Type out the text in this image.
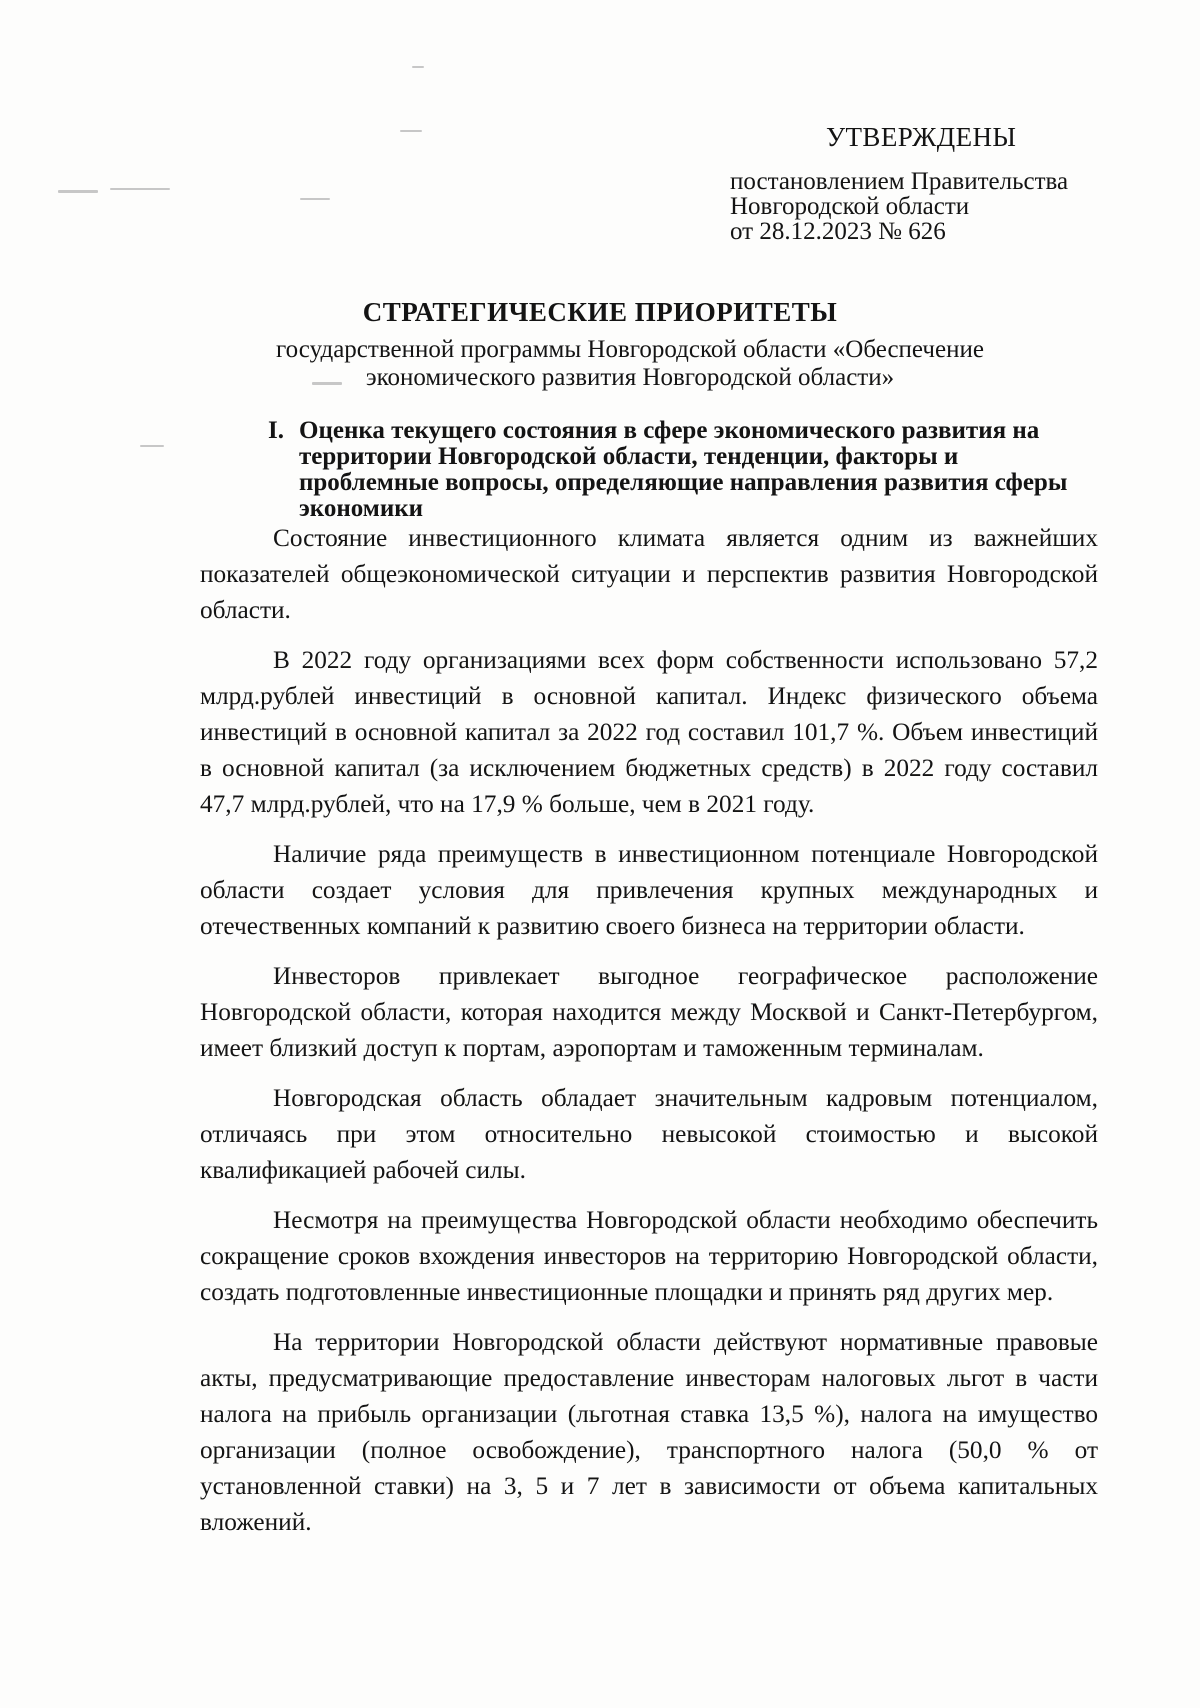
УТВЕРЖДЕНЫ
постановлением Правительства
Новгородской области
от 28.12.2023 № 626
СТРАТЕГИЧЕСКИЕ ПРИОРИТЕТЫ
государственной программы Новгородской области «Обеспечение
экономического развития Новгородской области»
I. Оценка текущего состояния в сфере экономического развития на территории Новгородской области, тенденции, факторы и проблемные вопросы, определяющие направления развития сферы экономики

Состояние инвестиционного климата является одним из важнейших показателей общеэкономической ситуации и перспектив развития Новгородской области.

В 2022 году организациями всех форм собственности использовано 57,2 млрд.рублей инвестиций в основной капитал. Индекс физического объема инвестиций в основной капитал за 2022 год составил 101,7 %. Объем инвестиций в основной капитал (за исключением бюджетных средств) в 2022 году составил 47,7 млрд.рублей, что на 17,9 % больше, чем в 2021 году.

Наличие ряда преимуществ в инвестиционном потенциале Новгородской области создает условия для привлечения крупных международных и отечественных компаний к развитию своего бизнеса на территории области.

Инвесторов привлекает выгодное географическое расположение Новгородской области, которая находится между Москвой и Санкт-Петербургом, имеет близкий доступ к портам, аэропортам и таможенным терминалам.

Новгородская область обладает значительным кадровым потенциалом, отличаясь при этом относительно невысокой стоимостью и высокой квалификацией рабочей силы.

Несмотря на преимущества Новгородской области необходимо обеспечить сокращение сроков вхождения инвесторов на территорию Новгородской области, создать подготовленные инвестиционные площадки и принять ряд других мер.

На территории Новгородской области действуют нормативные правовые акты, предусматривающие предоставление инвесторам налоговых льгот в части налога на прибыль организации (льготная ставка 13,5 %), налога на имущество организации (полное освобождение), транспортного налога (50,0 % от установленной ставки) на 3, 5 и 7 лет в зависимости от объема капитальных вложений.
